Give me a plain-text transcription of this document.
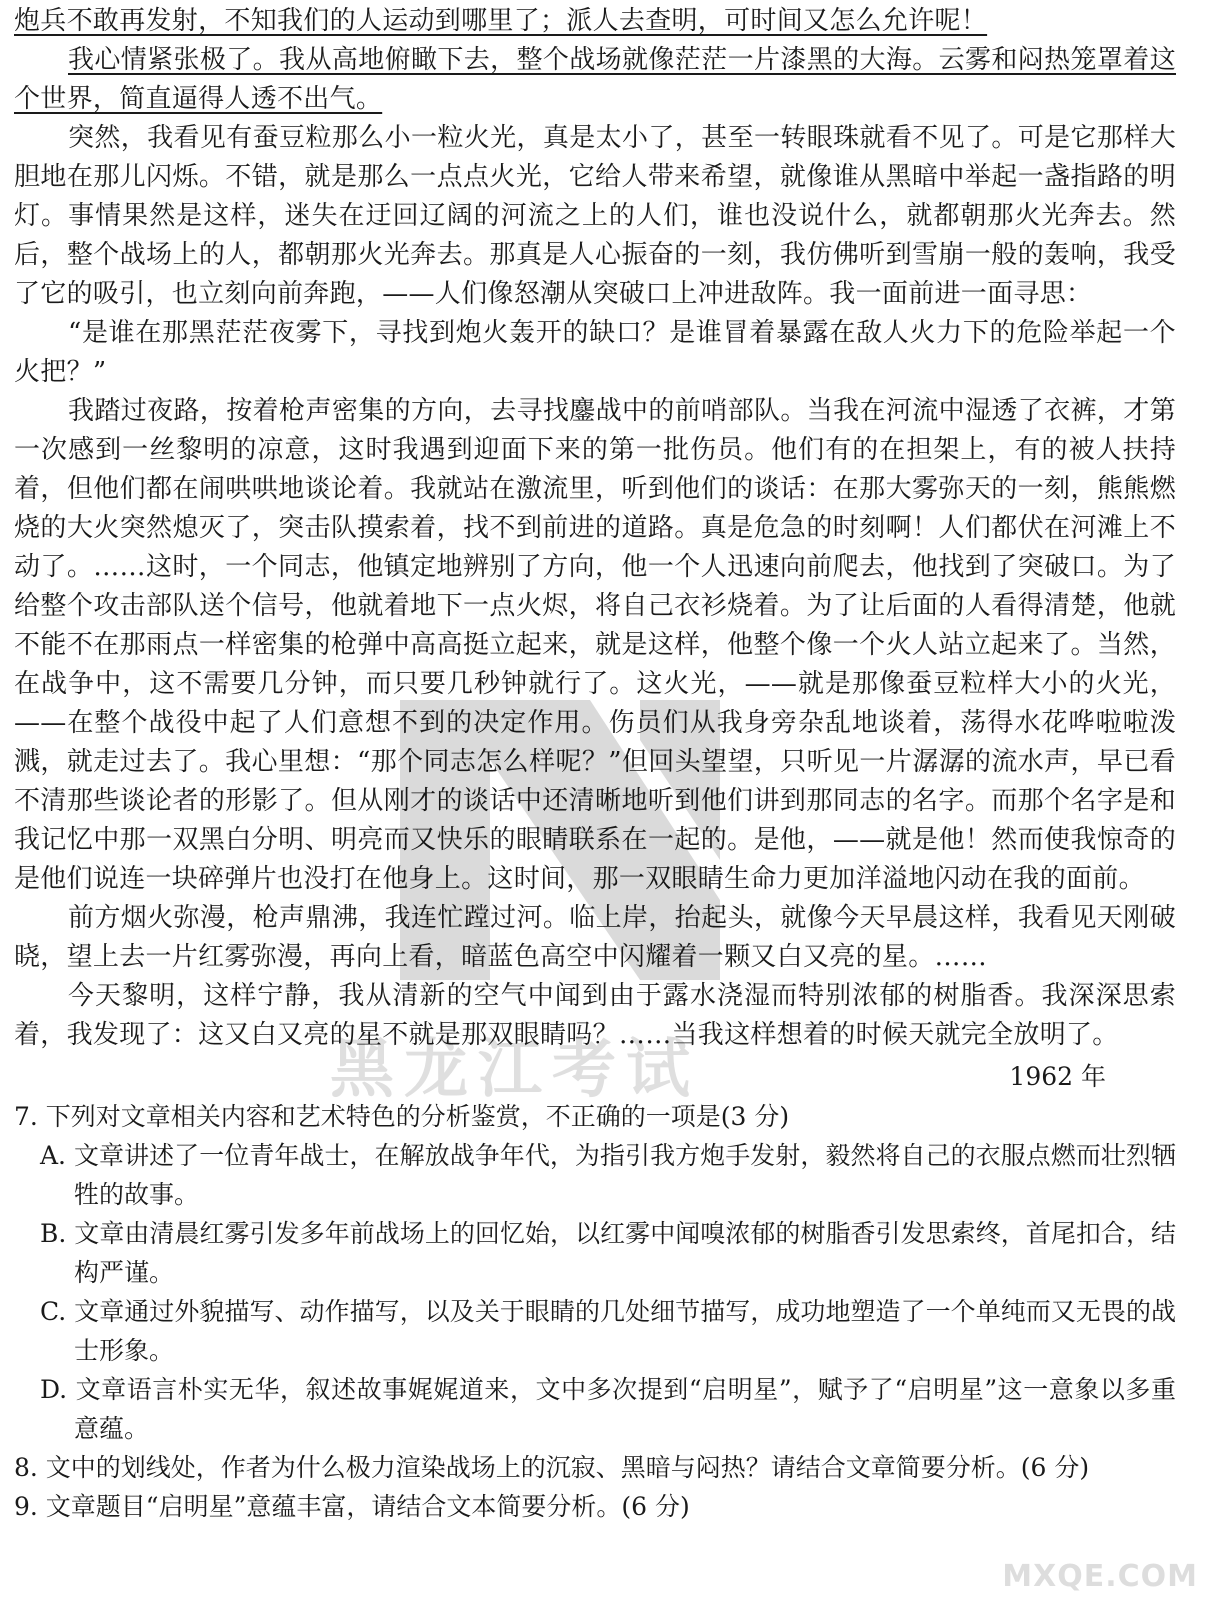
炮兵不敢再发射，不知我们的人运动到哪里了；派人去查明，可时间又怎么允许呢！

我心情紧张极了。我从高地俯瞰下去，整个战场就像茫茫一片漆黑的大海。云雾和闷热笼罩着这个世界，简直逼得人透不出气。

突然，我看见有蚕豆粒那么小一粒火光，真是太小了，甚至一转眼珠就看不见了。可是它那样大胆地在那儿闪烁。不错，就是那么一点点火光，它给人带来希望，就像谁从黑暗中举起一盏指路的明灯。事情果然是这样，迷失在迂回辽阔的河流之上的人们，谁也没说什么，就都朝那火光奔去。然后，整个战场上的人，都朝那火光奔去。那真是人心振奋的一刻，我仿佛听到雪崩一般的轰响，我受了它的吸引，也立刻向前奔跑，——人们像怒潮从突破口上冲进敌阵。我一面前进一面寻思：

“是谁在那黑茫茫夜雾下，寻找到炮火轰开的缺口？是谁冒着暴露在敌人火力下的危险举起一个火把？”

我踏过夜路，按着枪声密集的方向，去寻找鏖战中的前哨部队。当我在河流中湿透了衣裤，才第一次感到一丝黎明的凉意，这时我遇到迎面下来的第一批伤员。他们有的在担架上，有的被人扶持着，但他们都在闹哄哄地谈论着。我就站在激流里，听到他们的谈话：在那大雾弥天的一刻，熊熊燃烧的大火突然熄灭了，突击队摸索着，找不到前进的道路。真是危急的时刻啊！人们都伏在河滩上不动了。……这时，一个同志，他镇定地辨别了方向，他一个人迅速向前爬去，他找到了突破口。为了给整个攻击部队送个信号，他就着地下一点火烬，将自己衣衫烧着。为了让后面的人看得清楚，他就不能不在那雨点一样密集的枪弹中高高挺立起来，就是这样，他整个像一个火人站立起来了。当然，在战争中，这不需要几分钟，而只要几秒钟就行了。这火光，——就是那像蚕豆粒样大小的火光，——在整个战役中起了人们意想不到的决定作用。伤员们从我身旁杂乱地谈着，荡得水花哗啦啦泼溅，就走过去了。我心里想：“那个同志怎么样呢？”但回头望望，只听见一片潺潺的流水声，早已看不清那些谈论者的形影了。但从刚才的谈话中还清晰地听到他们讲到那同志的名字。而那个名字是和我记忆中那一双黑白分明、明亮而又快乐的眼睛联系在一起的。是他，——就是他！然而使我惊奇的是他们说连一块碎弹片也没打在他身上。这时间，那一双眼睛生命力更加洋溢地闪动在我的面前。

前方烟火弥漫，枪声鼎沸，我连忙蹚过河。临上岸，抬起头，就像今天早晨这样，我看见天刚破晓，望上去一片红雾弥漫，再向上看，暗蓝色高空中闪耀着一颗又白又亮的星。……

今天黎明，这样宁静，我从清新的空气中闻到由于露水浇湿而特别浓郁的树脂香。我深深思索着，我发现了：这又白又亮的星不就是那双眼睛吗？……当我这样想着的时候天就完全放明了。

1962 年

7. 下列对文章相关内容和艺术特色的分析鉴赏，不正确的一项是(3 分)

A. 文章讲述了一位青年战士，在解放战争年代，为指引我方炮手发射，毅然将自己的衣服点燃而壮烈牺牲的故事。

B. 文章由清晨红雾引发多年前战场上的回忆始，以红雾中闻嗅浓郁的树脂香引发思索终，首尾扣合，结构严谨。

C. 文章通过外貌描写、动作描写，以及关于眼睛的几处细节描写，成功地塑造了一个单纯而又无畏的战士形象。

D. 文章语言朴实无华，叙述故事娓娓道来，文中多次提到“启明星”，赋予了“启明星”这一意象以多重意蕴。

8. 文中的划线处，作者为什么极力渲染战场上的沉寂、黑暗与闷热？请结合文章简要分析。(6 分)

9. 文章题目“启明星”意蕴丰富，请结合文本简要分析。(6 分)

黑龙江考试
MXQE.COM
